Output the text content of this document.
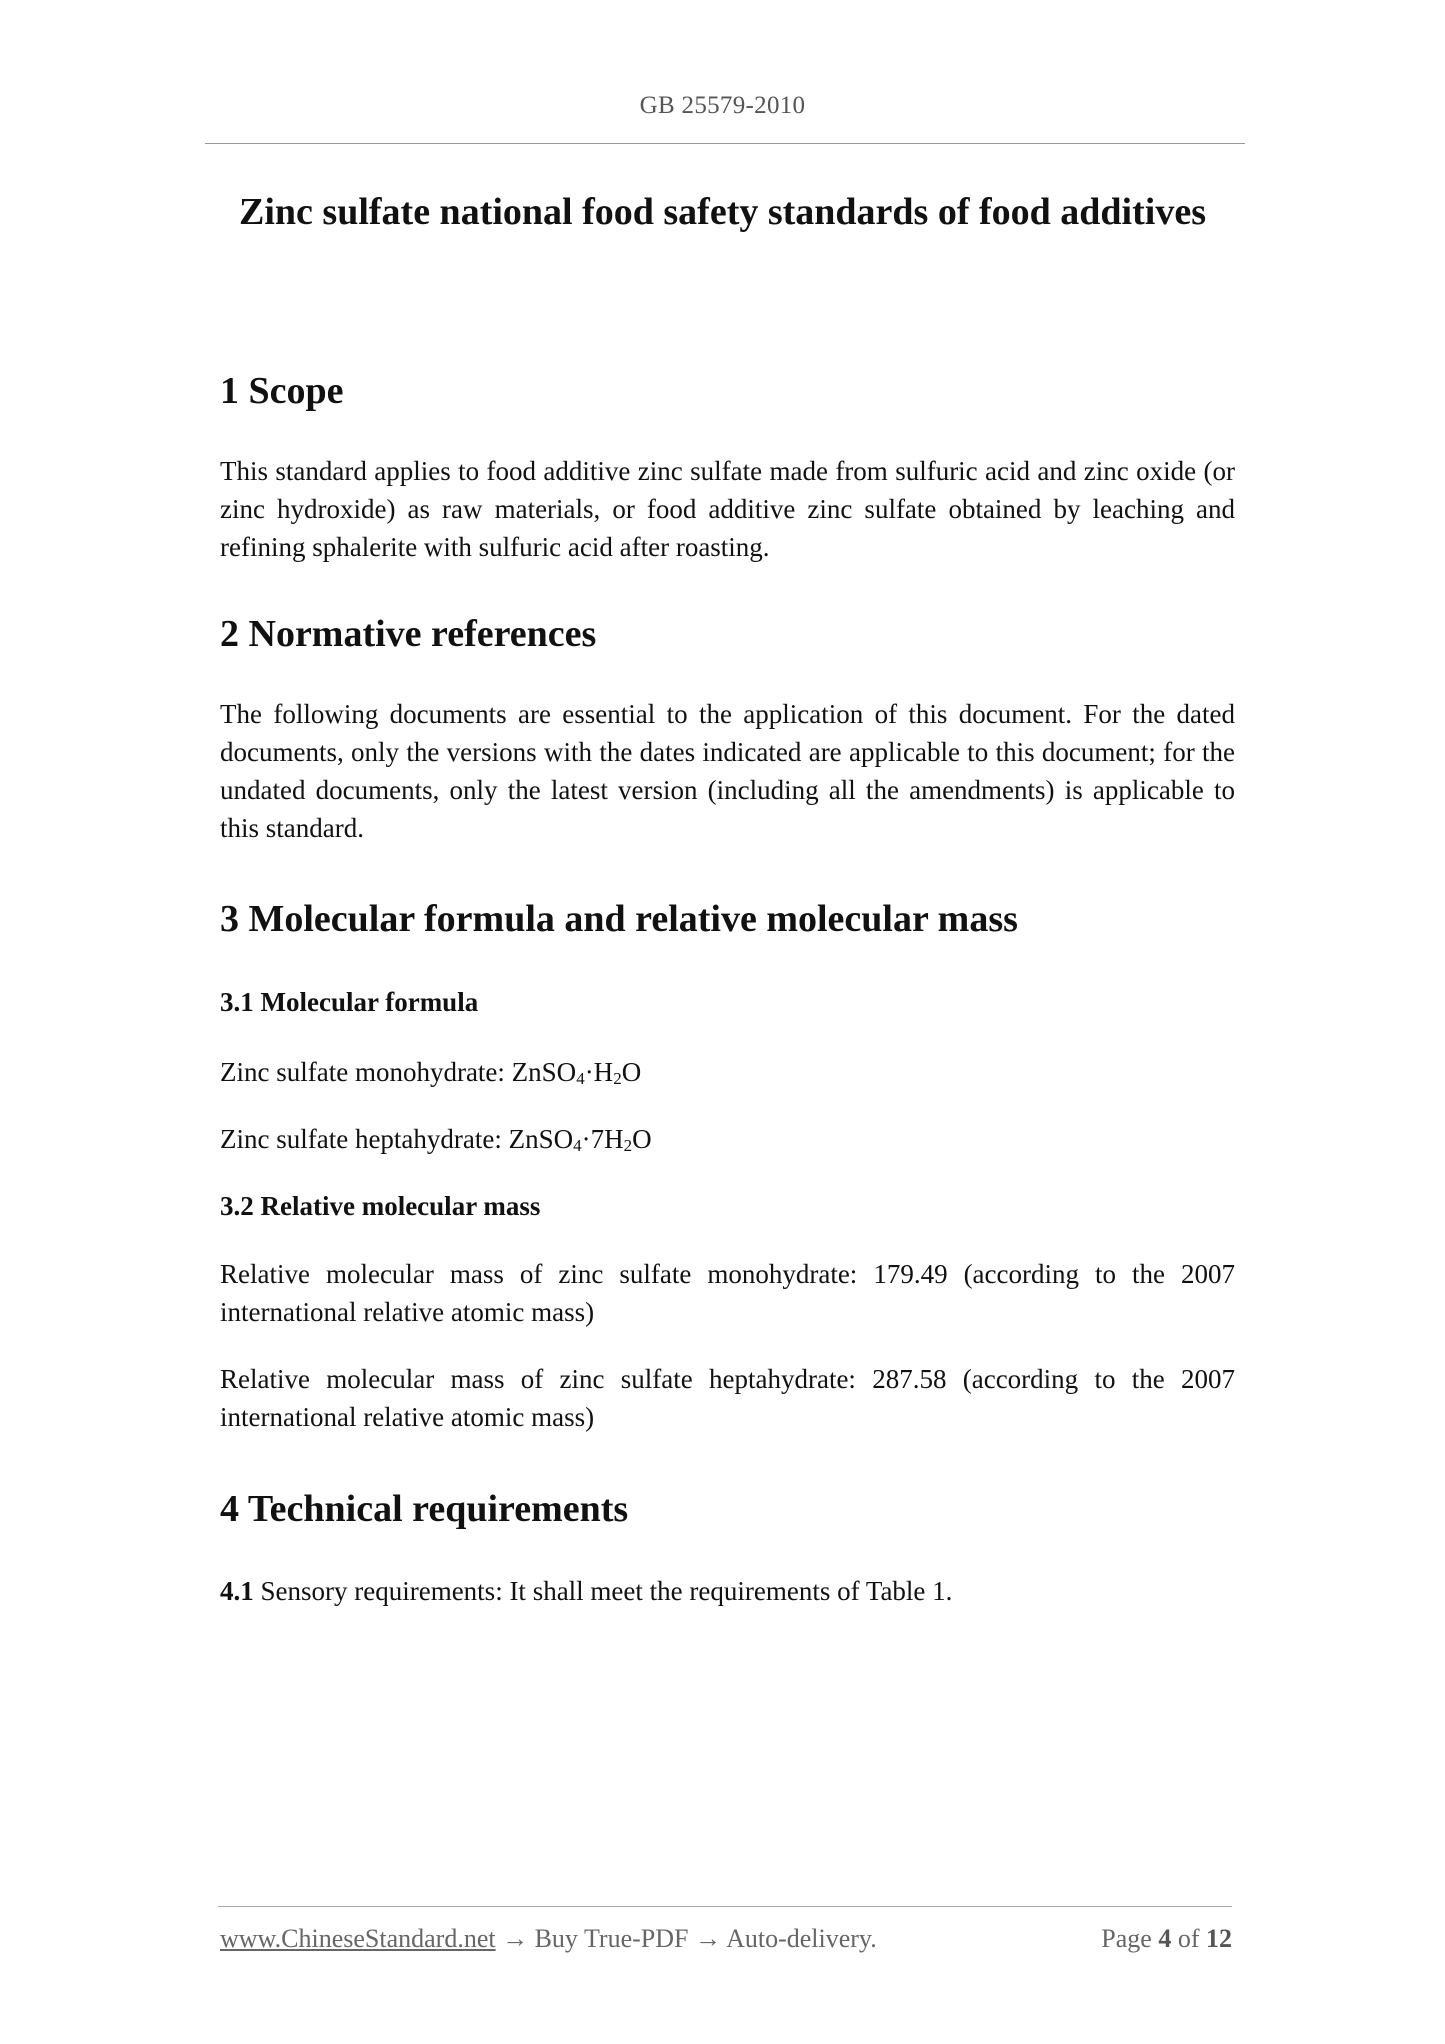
GB 25579-2010
Zinc sulfate national food safety standards of food additives
1 Scope

This standard applies to food additive zinc sulfate made from sulfuric acid and zinc oxide (or zinc hydroxide) as raw materials, or food additive zinc sulfate obtained by leaching and refining sphalerite with sulfuric acid after roasting.

2 Normative references

The following documents are essential to the application of this document. For the dated documents, only the versions with the dates indicated are applicable to this document; for the undated documents, only the latest version (including all the amendments) is applicable to this standard.

3 Molecular formula and relative molecular mass
3.1 Molecular formula

Zinc sulfate monohydrate: $ZnSO_4\cdot H_2O$

Zinc sulfate heptahydrate: $ZnSO_4\cdot 7H_2O$

3.2 Relative molecular mass

Relative molecular mass of zinc sulfate monohydrate: 179.49 (according to the 2007 international relative atomic mass)

Relative molecular mass of zinc sulfate heptahydrate: 287.58 (according to the 2007 international relative atomic mass)

4 Technical requirements

4.1 Sensory requirements: It shall meet the requirements of Table 1.

www.ChineseStandard.net → Buy True-PDF → Auto-delivery.	Page 4 of 12
